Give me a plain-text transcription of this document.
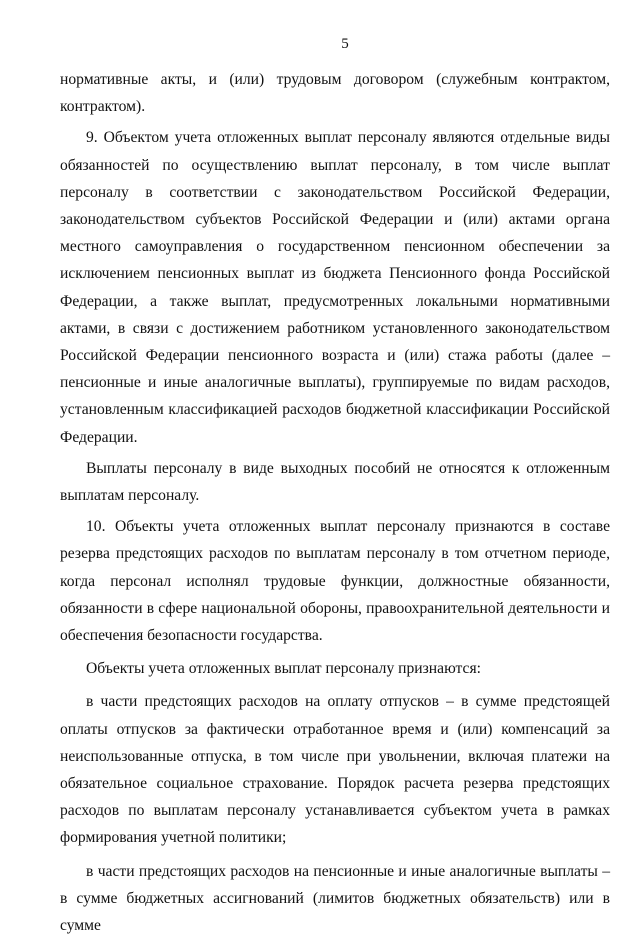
5

нормативные акты, и (или) трудовым договором (служебным контрактом, контрактом).

9. Объектом учета отложенных выплат персоналу являются отдельные виды обязанностей по осуществлению выплат персоналу, в том числе выплат персоналу в соответствии с законодательством Российской Федерации, законодательством субъектов Российской Федерации и (или) актами органа местного самоуправления о государственном пенсионном обеспечении за исключением пенсионных выплат из бюджета Пенсионного фонда Российской Федерации, а также выплат, предусмотренных локальными нормативными актами, в связи с достижением работником установленного законодательством Российской Федерации пенсионного возраста и (или) стажа работы (далее – пенсионные и иные аналогичные выплаты), группируемые по видам расходов, установленным классификацией расходов бюджетной классификации Российской Федерации.

Выплаты персоналу в виде выходных пособий не относятся к отложенным выплатам персоналу.

10. Объекты учета отложенных выплат персоналу признаются в составе резерва предстоящих расходов по выплатам персоналу в том отчетном периоде, когда персонал исполнял трудовые функции, должностные обязанности, обязанности в сфере национальной обороны, правоохранительной деятельности и обеспечения безопасности государства.

Объекты учета отложенных выплат персоналу признаются:

в части предстоящих расходов на оплату отпусков – в сумме предстоящей оплаты отпусков за фактически отработанное время и (или) компенсаций за неиспользованные отпуска, в том числе при увольнении, включая платежи на обязательное социальное страхование. Порядок расчета резерва предстоящих расходов по выплатам персоналу устанавливается субъектом учета в рамках формирования учетной политики;

в части предстоящих расходов на пенсионные и иные аналогичные выплаты – в сумме бюджетных ассигнований (лимитов бюджетных обязательств) или в сумме
